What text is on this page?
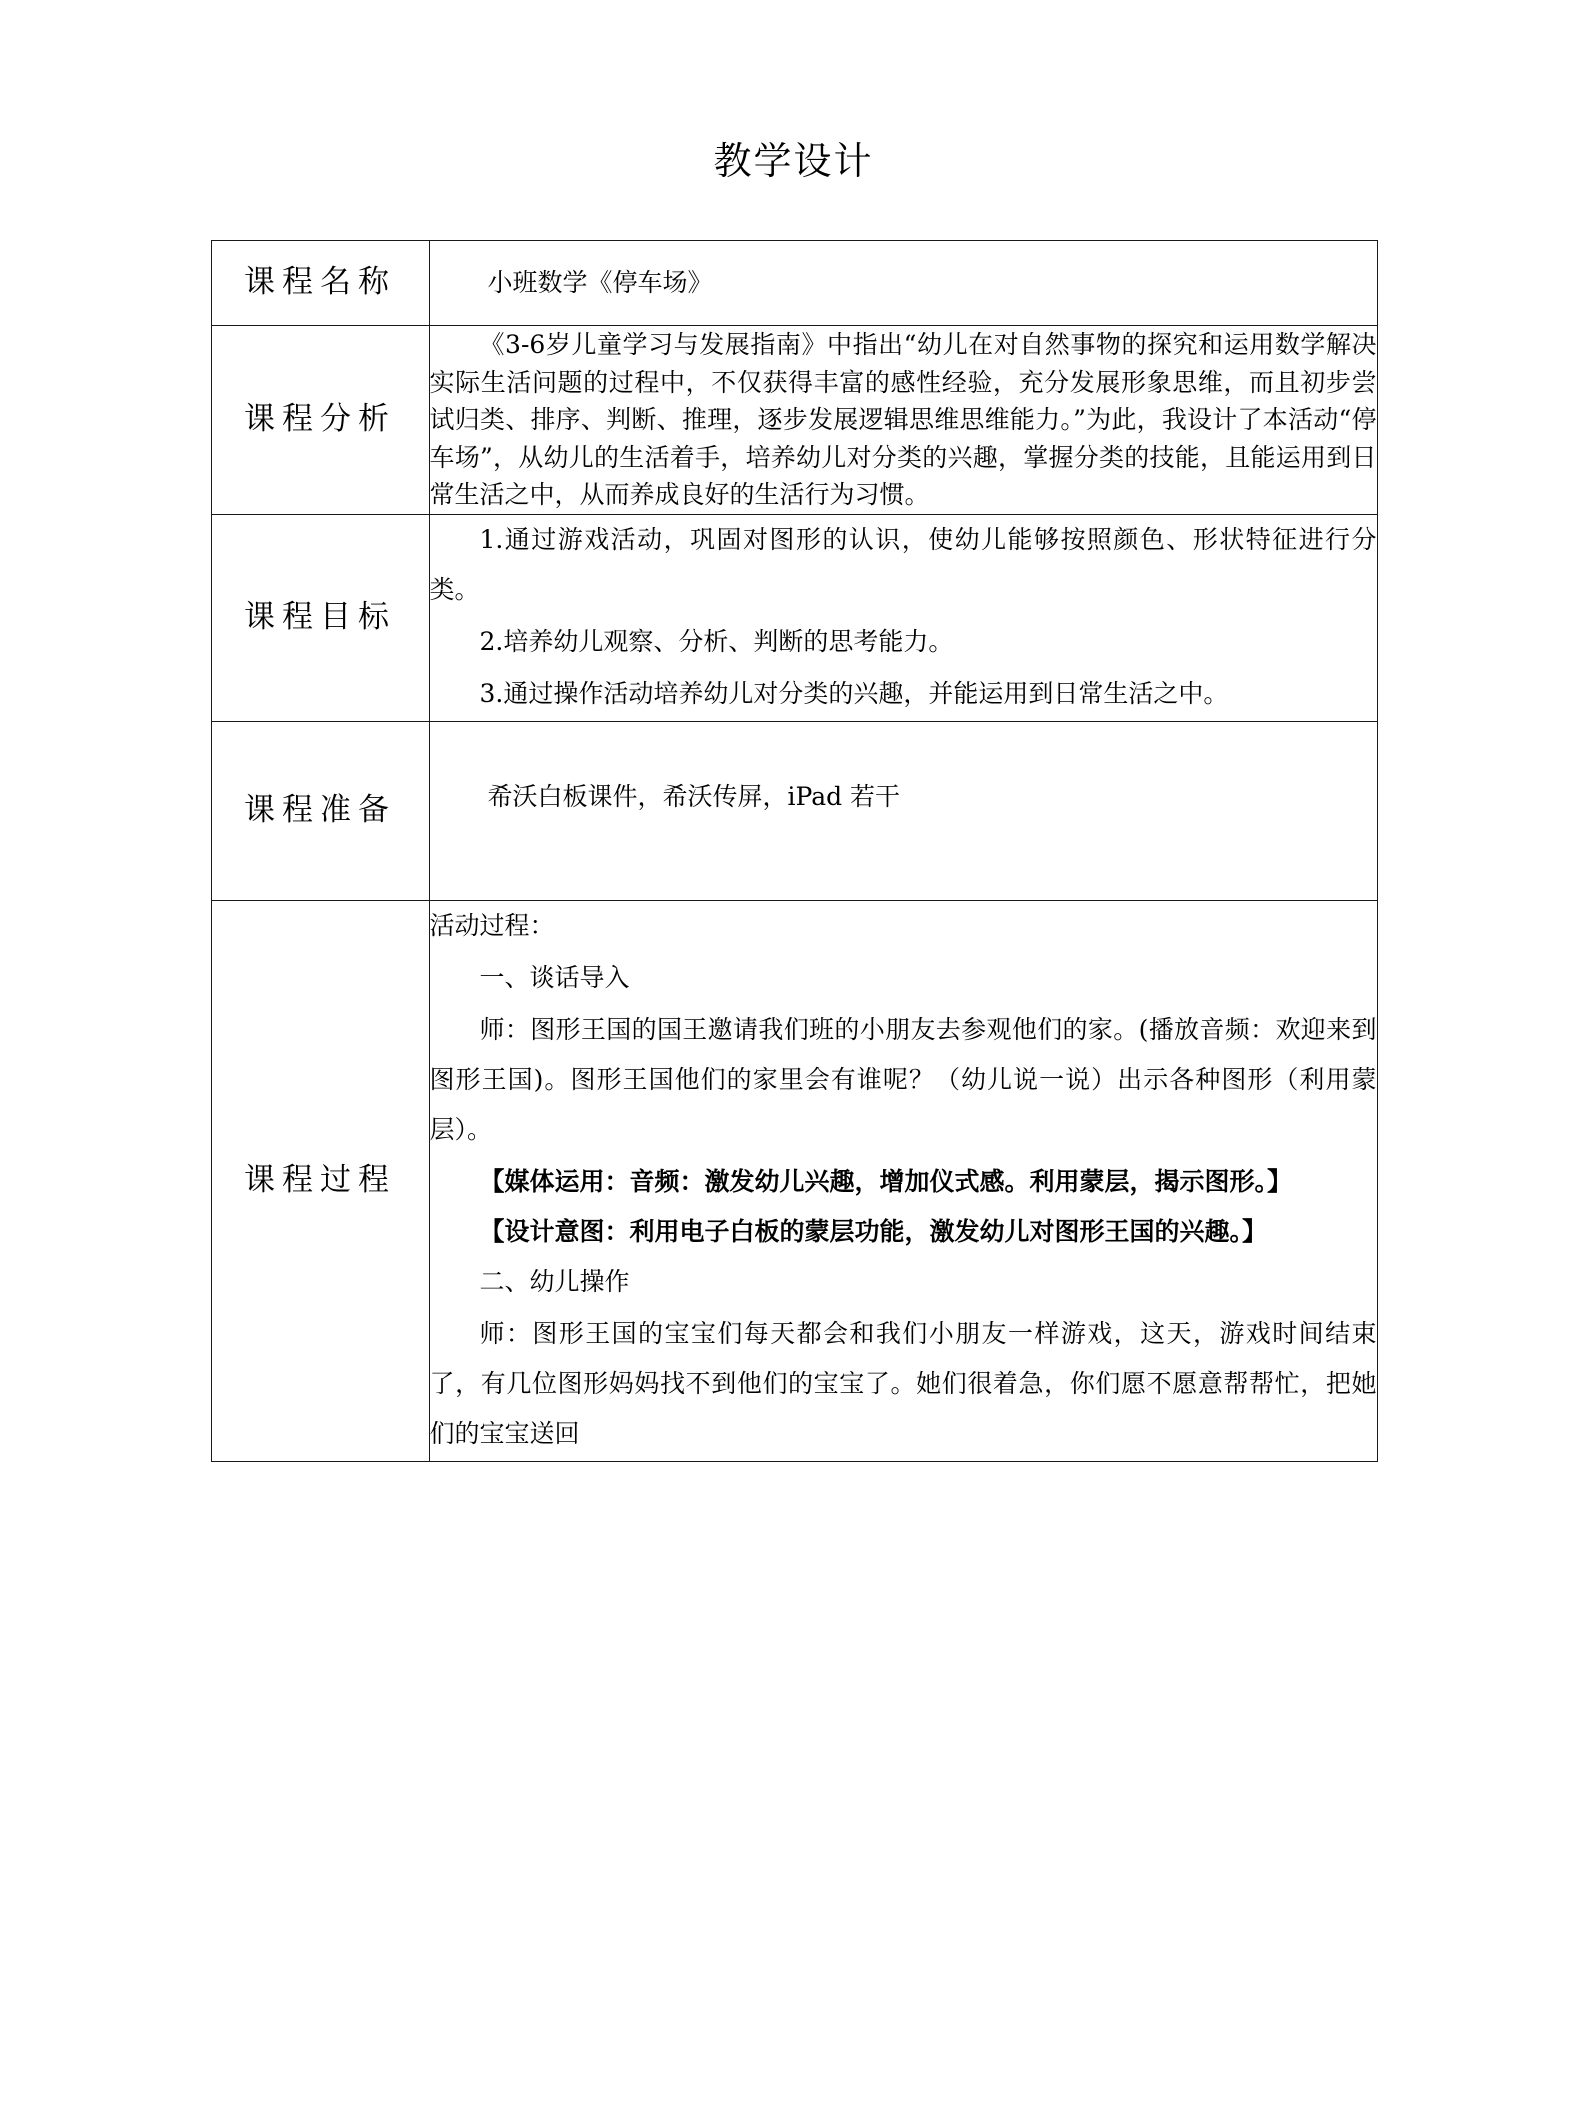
教学设计
课程名称	小班数学《停车场》

课程分析	《3-6岁儿童学习与发展指南》中指出“幼儿在对自然事物的探究和运用数学解决实际生活问题的过程中，不仅获得丰富的感性经验，充分发展形象思维，而且初步尝试归类、排序、判断、推理，逐步发展逻辑思维思维能力。”为此，我设计了本活动“停车场”，从幼儿的生活着手，培养幼儿对分类的兴趣，掌握分类的技能，且能运用到日常生活之中，从而养成良好的生活行为习惯。

课程目标	1.通过游戏活动，巩固对图形的认识，使幼儿能够按照颜色、形状特征进行分类。

2.培养幼儿观察、分析、判断的思考能力。

3.通过操作活动培养幼儿对分类的兴趣，并能运用到日常生活之中。

课程准备	希沃白板课件，希沃传屏，iPad 若干

课程过程	

活动过程：

一、谈话导入

师：图形王国的国王邀请我们班的小朋友去参观他们的家。(播放音频：欢迎来到图形王国)。图形王国他们的家里会有谁呢？（幼儿说一说）出示各种图形（利用蒙层）。

【媒体运用：音频：激发幼儿兴趣，增加仪式感。利用蒙层，揭示图形。】

【设计意图：利用电子白板的蒙层功能，激发幼儿对图形王国的兴趣。】

二、幼儿操作

师：图形王国的宝宝们每天都会和我们小朋友一样游戏，这天，游戏时间结束了，有几位图形妈妈找不到他们的宝宝了。她们很着急，你们愿不愿意帮帮忙，把她们的宝宝送回
